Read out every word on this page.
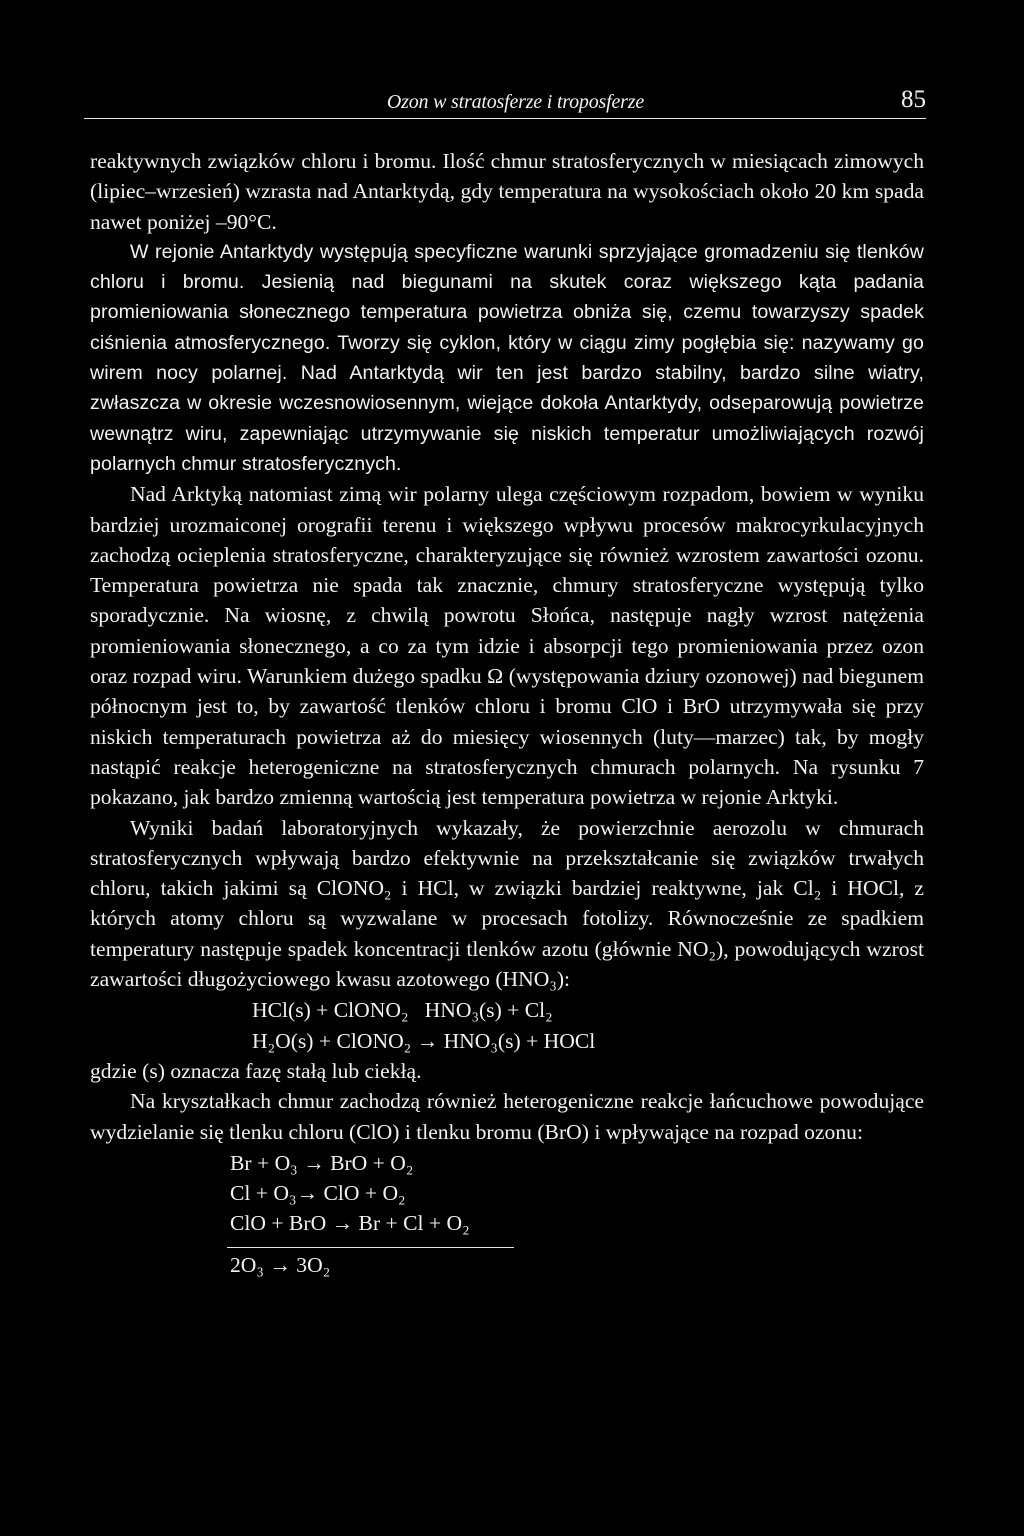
Ozon w stratosferze i troposferze	85

reaktywnych związków chloru i bromu. Ilość chmur stratosferycznych w miesiącach zimowych (lipiec–wrzesień) wzrasta nad Antarktydą, gdy temperatura na wysokościach około 20 km spada nawet poniżej –90°C.

W rejonie Antarktydy występują specyficzne warunki sprzyjające gromadzeniu się tlenków chloru i bromu. Jesienią nad biegunami na skutek coraz większego kąta padania promieniowania słonecznego temperatura powietrza obniża się, czemu towarzyszy spadek ciśnienia atmosferycznego. Tworzy się cyklon, który w ciągu zimy pogłębia się: nazywamy go wirem nocy polarnej. Nad Antarktydą wir ten jest bardzo stabilny, bardzo silne wiatry, zwłaszcza w okresie wczesnowiosennym, wiejące dokoła Antarktydy, odseparowują powietrze wewnątrz wiru, zapewniając utrzymywanie się niskich temperatur umożliwiających rozwój polarnych chmur stratosferycznych.

Nad Arktyką natomiast zimą wir polarny ulega częściowym rozpadom, bowiem w wyniku bardziej urozmaiconej orografii terenu i większego wpływu procesów makrocyrkulacyjnych zachodzą ocieplenia stratosferyczne, charakteryzujące się również wzrostem zawartości ozonu. Temperatura powietrza nie spada tak znacznie, chmury stratosferyczne występują tylko sporadycznie. Na wiosnę, z chwilą powrotu Słońca, następuje nagły wzrost natężenia promieniowania słonecznego, a co za tym idzie i absorpcji tego promieniowania przez ozon oraz rozpad wiru. Warunkiem dużego spadku Ω (występowania dziury ozonowej) nad biegunem północnym jest to, by zawartość tlenków chloru i bromu ClO i BrO utrzymywała się przy niskich temperaturach powietrza aż do miesięcy wiosennych (luty—marzec) tak, by mogły nastąpić reakcje heterogeniczne na stratosferycznych chmurach polarnych. Na rysunku 7 pokazano, jak bardzo zmienną wartością jest temperatura powietrza w rejonie Arktyki.

Wyniki badań laboratoryjnych wykazały, że powierzchnie aerozolu w chmurach stratosferycznych wpływają bardzo efektywnie na przekształcanie się związków trwałych chloru, takich jakimi są ClONO₂ i HCl, w związki bardziej reaktywne, jak Cl₂ i HOCl, z których atomy chloru są wyzwalane w procesach fotolizy. Równocześnie ze spadkiem temperatury następuje spadek koncentracji tlenków azotu (głównie NO₂), powodujących wzrost zawartości długożyciowego kwasu azotowego (HNO₃):

HCl(s) + ClONO₂   HNO₃(s) + Cl₂
H₂O(s) + ClONO₂ → HNO₃(s) + HOCl

gdzie (s) oznacza fazę stałą lub ciekłą.

Na kryształkach chmur zachodzą również heterogeniczne reakcje łańcuchowe powodujące wydzielanie się tlenku chloru (ClO) i tlenku bromu (BrO) i wpływające na rozpad ozonu:

Br + O₃ → BrO + O₂
Cl + O₃→ ClO + O₂
ClO + BrO → Br + Cl + O₂
2O₃ → 3O₂
